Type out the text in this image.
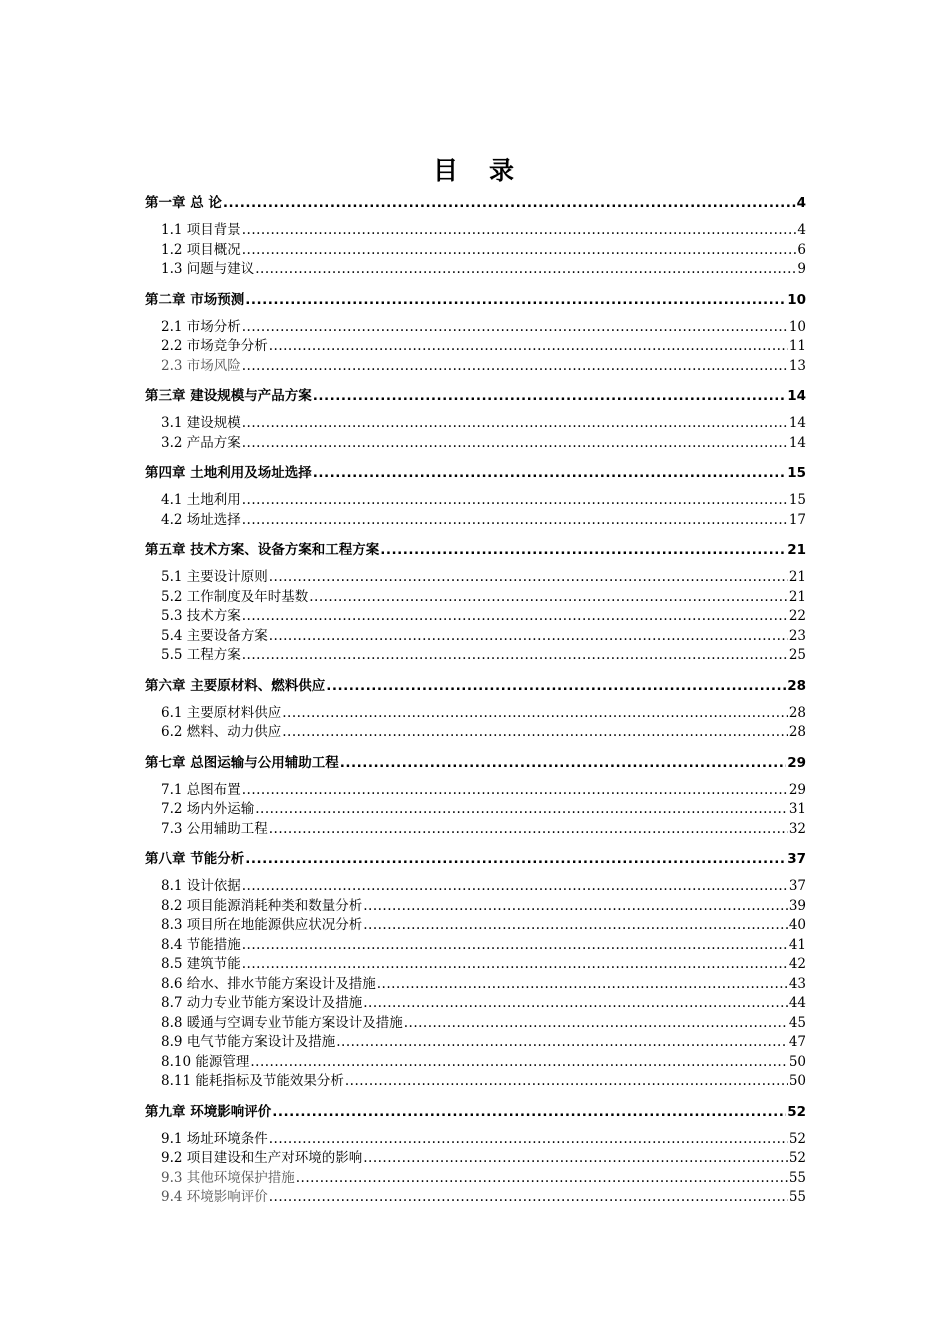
目　录
第一章 总 论 .....	4
1.1 项目背景 .....	4
1.2 项目概况 .....	6
1.3 问题与建议 .....	9
第二章 市场预测 .....	10
2.1 市场分析 .....	10
2.2 市场竞争分析 .....	11
2.3 市场风险 .....	13
第三章 建设规模与产品方案 .....	14
3.1 建设规模 .....	14
3.2 产品方案 .....	14
第四章 土地利用及场址选择 .....	15
4.1 土地利用 .....	15
4.2 场址选择 .....	17
第五章 技术方案、设备方案和工程方案 .....	21
5.1 主要设计原则 .....	21
5.2 工作制度及年时基数 .....	21
5.3 技术方案 .....	22
5.4 主要设备方案 .....	23
5.5 工程方案 .....	25
第六章 主要原材料、燃料供应 .....	28
6.1 主要原材料供应 .....	28
6.2 燃料、动力供应 .....	28
第七章 总图运输与公用辅助工程 .....	29
7.1 总图布置 .....	29
7.2 场内外运输 .....	31
7.3 公用辅助工程 .....	32
第八章 节能分析 .....	37
8.1 设计依据 .....	37
8.2 项目能源消耗种类和数量分析 .....	39
8.3 项目所在地能源供应状况分析 .....	40
8.4 节能措施 .....	41
8.5 建筑节能 .....	42
8.6 给水、排水节能方案设计及措施 .....	43
8.7 动力专业节能方案设计及措施 .....	44
8.8 暖通与空调专业节能方案设计及措施 .....	45
8.9 电气节能方案设计及措施 .....	47
8.10 能源管理 .....	50
8.11 能耗指标及节能效果分析 .....	50
第九章 环境影响评价 .....	52
9.1 场址环境条件 .....	52
9.2 项目建设和生产对环境的影响 .....	52
9.3 其他环境保护措施 .....	55
9.4 环境影响评价 .....	55
